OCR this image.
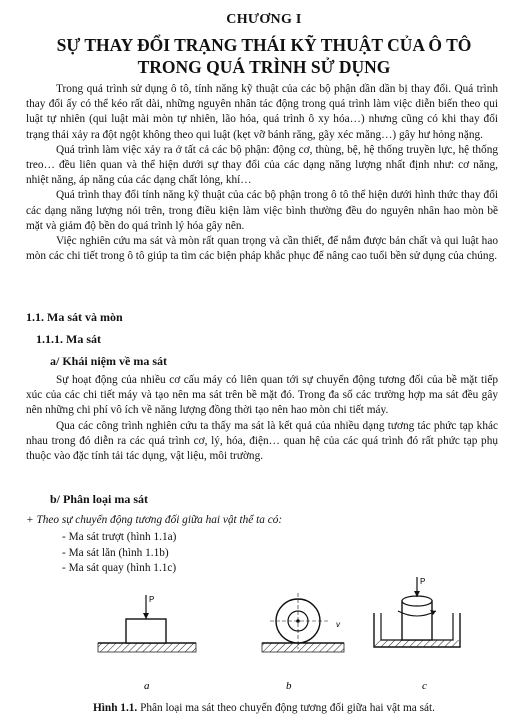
CHƯƠNG I
SỰ THAY ĐỔI TRẠNG THÁI KỸ THUẬT CỦA Ô TÔ
TRONG QUÁ TRÌNH SỬ DỤNG

Trong quá trình sử dụng ô tô, tính năng kỹ thuật của các bộ phận dần dần bị thay đổi. Quá trình thay đổi ấy có thể kéo rất dài, những nguyên nhân tác động trong quá trình làm việc diễn biến theo qui luật tự nhiên (qui luật mài mòn tự nhiên, lão hóa, quá trình ô xy hóa…) nhưng cũng có khi thay đổi trạng thái xảy ra đột ngột không theo qui luật (kẹt vỡ bánh răng, gãy xéc măng…) gây hư hỏng nặng.

Quá trình làm việc xảy ra ở tất cả các bộ phận: động cơ, thùng, bệ, hệ thống truyền lực, hệ thống treo… đều liên quan và thể hiện dưới sự thay đổi của các dạng năng lượng nhất định như: cơ năng, nhiệt năng, áp năng của các dạng chất lỏng, khí…

Quá trình thay đổi tính năng kỹ thuật của các bộ phận trong ô tô thể hiện dưới hình thức thay đổi các dạng năng lượng nói trên, trong điều kiện làm việc bình thường đều do nguyên nhân hao mòn bề mặt và giảm độ bền do quá trình lý hóa gây nên.

Việc nghiên cứu ma sát và mòn rất quan trọng và cần thiết, để nắm được bản chất và qui luật hao mòn các chi tiết trong ô tô giúp ta tìm các biện pháp khắc phục để nâng cao tuổi bền sử dụng của chúng.

1.1. Ma sát và mòn
1.1.1. Ma sát
a/ Khái niệm về ma sát

Sự hoạt động của nhiều cơ cấu máy có liên quan tới sự chuyển động tương đối của bề mặt tiếp xúc của các chi tiết máy và tạo nên ma sát trên bề mặt đó. Trong đa số các trường hợp ma sát đều gây nên những chi phí vô ích về năng lượng đồng thời tạo nên hao mòn chi tiết máy.

Qua các công trình nghiên cứu ta thấy ma sát là kết quả của nhiều dạng tương tác phức tạp khác nhau trong đó diễn ra các quá trình cơ, lý, hóa, điện… quan hệ của các quá trình đó rất phức tạp phụ thuộc vào đặc tính tải tác dụng, vật liệu, môi trường.

b/ Phân loại ma sát
+ Theo sự chuyển động tương đối giữa hai vật thể ta có:
- Ma sát trượt (hình 1.1a)
- Ma sát lăn (hình 1.1b)
- Ma sát quay (hình 1.1c)
P
v
P
a	b	c
Hình 1.1. Phân loại ma sát theo chuyển động tương đối giữa hai vật ma sát.
